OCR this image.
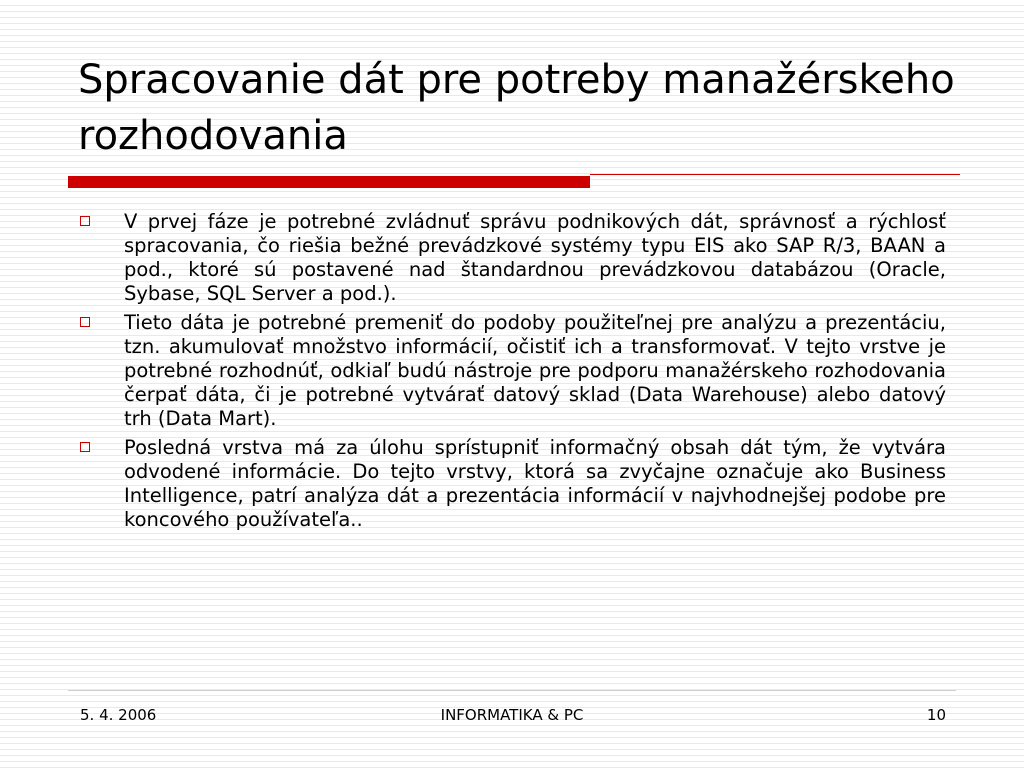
Spracovanie dát pre potreby manažérskeho rozhodovania
V prvej fáze je potrebné zvládnuť správu podnikových dát, správnosť a rýchlosť spracovania, čo riešia bežné prevádzkové systémy typu EIS ako SAP R/3, BAAN a pod., ktoré sú postavené nad štandardnou prevádzkovou databázou (Oracle, Sybase, SQL Server a pod.).
Tieto dáta je potrebné premeniť do podoby použiteľnej pre analýzu a prezentáciu, tzn. akumulovať množstvo informácií, očistiť ich a transformovať. V tejto vrstve je potrebné rozhodnúť, odkiaľ budú nástroje pre podporu manažérskeho rozhodovania čerpať dáta, či je potrebné vytvárať datový sklad (Data Warehouse) alebo datový trh (Data Mart).
Posledná vrstva má za úlohu sprístupniť informačný obsah dát tým, že vytvára odvodené informácie. Do tejto vrstvy, ktorá sa zvyčajne označuje ako Business Intelligence, patrí analýza dát a prezentácia informácií v najvhodnejšej podobe pre koncového používateľa..
5. 4. 2006	INFORMATIKA & PC	10
